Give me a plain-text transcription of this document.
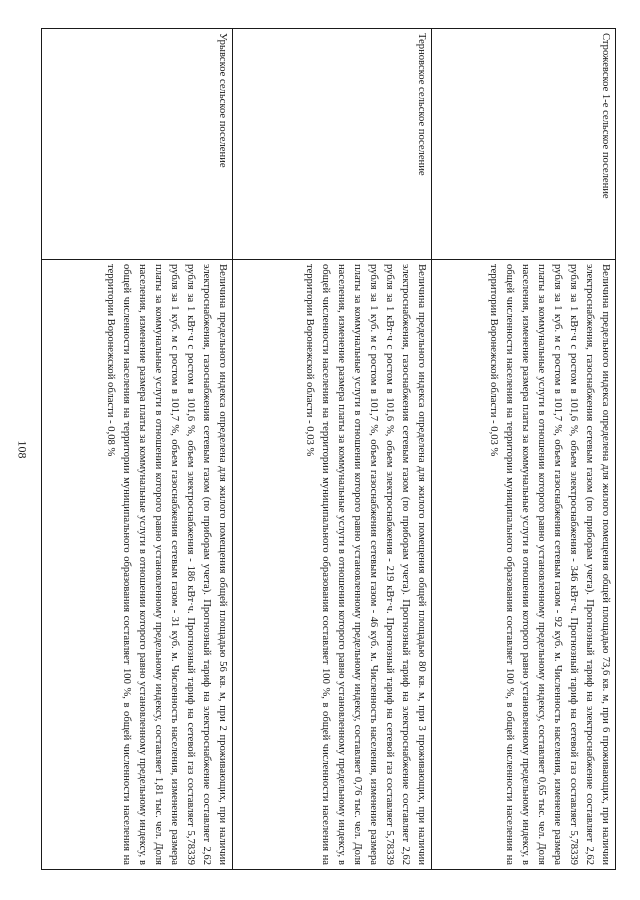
108
Строжевское 1-е сельское поселение	Величина предельного индекса определена для жилого помещения общей площадью 73,6 кв. м, при 6 проживающих, при наличии электроснабжения, газоснабжения сетевым газом (по приборам учета). Прогнозный тариф на электроснабжение составляет 2,62 рубля за 1 кВт·ч с ростом в 101,6 %, объем электроснабжения - 346 кВт·ч. Прогнозный тариф на сетевой газ составляет 5,78339 рубля за 1 куб. м с ростом в 101,7 %, объем газоснабжения сетевым газом - 92 куб. м. Численность населения, изменение размера платы за коммунальные услуги в отношении которого равно установленному предельному индексу, составляет 0,65 тыс. чел. Доля населения, изменение размера платы за коммунальные услуги в отношении которого равно установленному предельному индексу, в общей численности населения на территории муниципального образования составляет 100 %, в общей численности населения на территории Воронежской области - 0,03 %
Терновское сельское поселение	Величина предельного индекса определена для жилого помещения общей площадью 80 кв. м, при 3 проживающих, при наличии электроснабжения, газоснабжения сетевым газом (по приборам учета). Прогнозный тариф на электроснабжение составляет 2,62 рубля за 1 кВт·ч с ростом в 101,6 %, объем электроснабжения - 219 кВт·ч. Прогнозный тариф на сетевой газ составляет 5,78339 рубля за 1 куб. м с ростом в 101,7 %, объем газоснабжения сетевым газом - 46 куб. м. Численность населения, изменение размера платы за коммунальные услуги в отношении которого равно установленному предельному индексу, составляет 0,76 тыс. чел. Доля населения, изменение размера платы за коммунальные услуги в отношении которого равно установленному предельному индексу, в общей численности населения на территории муниципального образования составляет 100 %, в общей численности населения на территории Воронежской области - 0,03 %
Урывское сельское поселение	Величина предельного индекса определена для жилого помещения общей площадью 56 кв. м, при 2 проживающих, при наличии электроснабжения, газоснабжения сетевым газом (по приборам учета). Прогнозный тариф на электроснабжение составляет 2,62 рубля за 1 кВт·ч с ростом в 101,6 %, объем электроснабжения - 186 кВт·ч. Прогнозный тариф на сетевой газ составляет 5,78339 рубля за 1 куб. м с ростом в 101,7 %, объем газоснабжения сетевым газом - 31 куб. м. Численность населения, изменение размера платы за коммунальные услуги в отношении которого равно установленному предельному индексу, составляет 1,81 тыс. чел. Доля населения, изменение размера платы за коммунальные услуги в отношении которого равно установленному предельному индексу, в общей численности населения на территории муниципального образования составляет 100 %, в общей численности населения на территории Воронежской области - 0,08 %
